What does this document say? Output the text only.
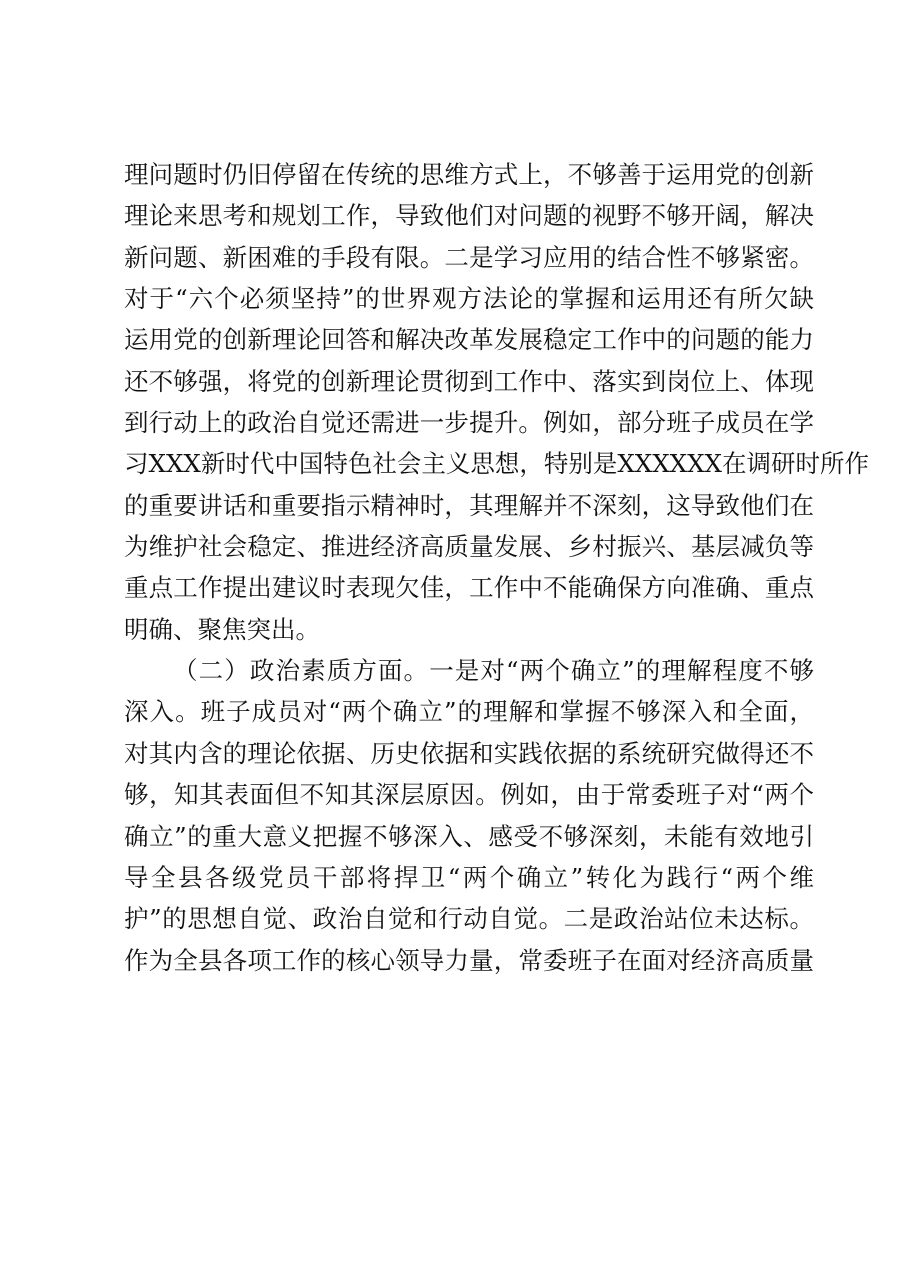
理问题时仍旧停留在传统的思维方式上，不够善于运用党的创新
理论来思考和规划工作，导致他们对问题的视野不够开阔，解决
新问题、新困难的手段有限。二是学习应用的结合性不够紧密。
对于“六个必须坚持”的世界观方法论的掌握和运用还有所欠缺
运用党的创新理论回答和解决改革发展稳定工作中的问题的能力
还不够强，将党的创新理论贯彻到工作中、落实到岗位上、体现
到行动上的政治自觉还需进一步提升。例如，部分班子成员在学
习XXX新时代中国特色社会主义思想，特别是XXXXXX在调研时所作
的重要讲话和重要指示精神时，其理解并不深刻，这导致他们在
为维护社会稳定、推进经济高质量发展、乡村振兴、基层减负等
重点工作提出建议时表现欠佳，工作中不能确保方向准确、重点
明确、聚焦突出。
（二）政治素质方面。一是对“两个确立”的理解程度不够
深入。班子成员对“两个确立”的理解和掌握不够深入和全面，
对其内含的理论依据、历史依据和实践依据的系统研究做得还不
够，知其表面但不知其深层原因。例如，由于常委班子对“两个
确立”的重大意义把握不够深入、感受不够深刻，未能有效地引
导全县各级党员干部将捍卫“两个确立”转化为践行“两个维
护”的思想自觉、政治自觉和行动自觉。二是政治站位未达标。
作为全县各项工作的核心领导力量，常委班子在面对经济高质量
